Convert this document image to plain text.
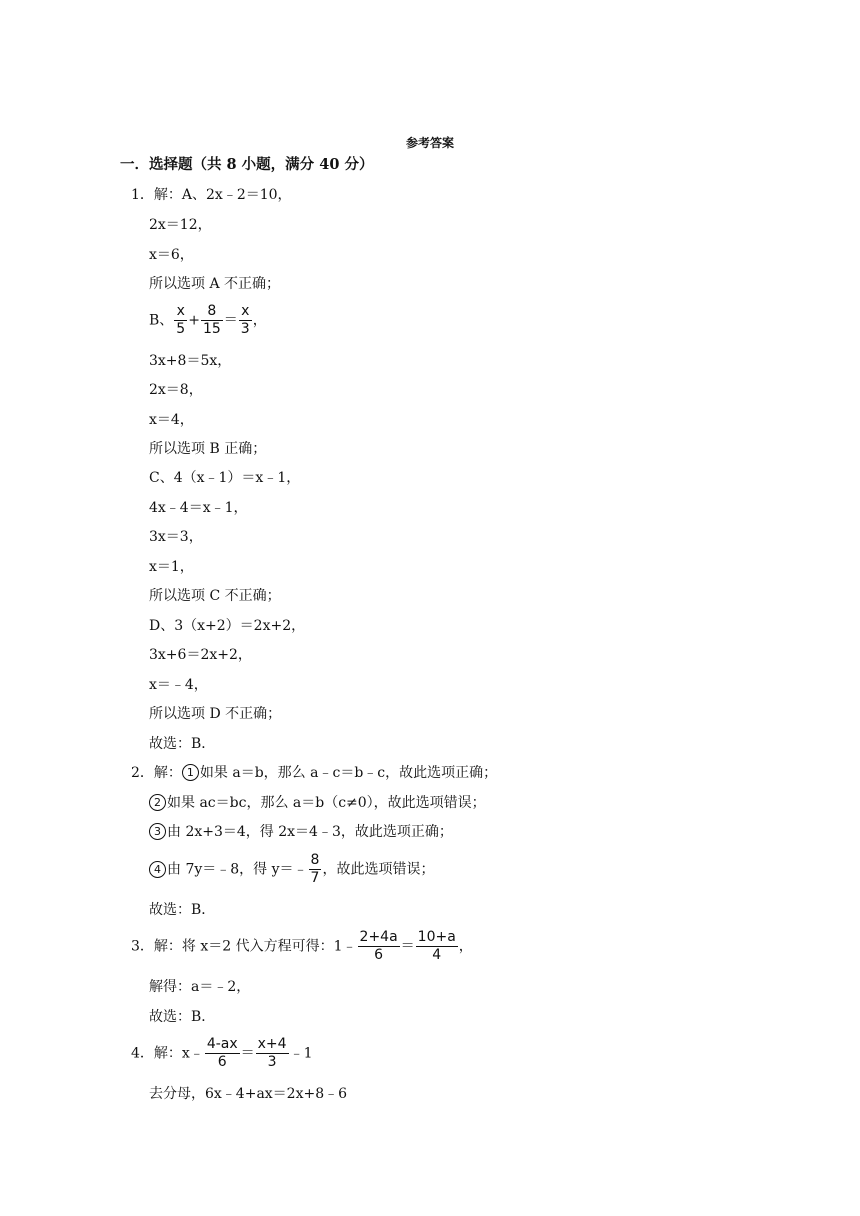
参考答案
一．选择题（共 8 小题，满分 40 分）
1．解：A、2x﹣2＝10，
2x＝12，
x＝6，
所以选项 A 不正确；
B、 $\frac{x}{5} + \frac{8}{15} = \frac{x}{3}$ ，
3x+8＝5x，
2x＝8，
x＝4，
所以选项 B 正确；
C、4（x﹣1）＝x﹣1，
4x﹣4＝x﹣1，
3x＝3，
x＝1，
所以选项 C 不正确；
D、3（x+2）＝2x+2，
3x+6＝2x+2，
x＝﹣4，
所以选项 D 不正确；
故选：B．
2．解： 1 如果 a＝b，那么 a﹣c＝b﹣c，故此选项正确；
2 如果 ac＝bc，那么 a＝b（c≠0），故此选项错误；
3 由 2x+3＝4，得 2x＝4﹣3，故此选项正确；
4 由 7y＝﹣8，得 y＝﹣ $\frac{8}{7}$ ，故此选项错误；
故选：B．
3．解：将 x＝2 代入方程可得：1﹣ $\frac{2+4a}{6} = \frac{10+a}{4}$ ，
解得：a＝﹣2，
故选：B．
4．解：x﹣ $\frac{4-ax}{6} = \frac{x+4}{3}$ ﹣1
去分母，6x﹣4+ax＝2x+8﹣6
